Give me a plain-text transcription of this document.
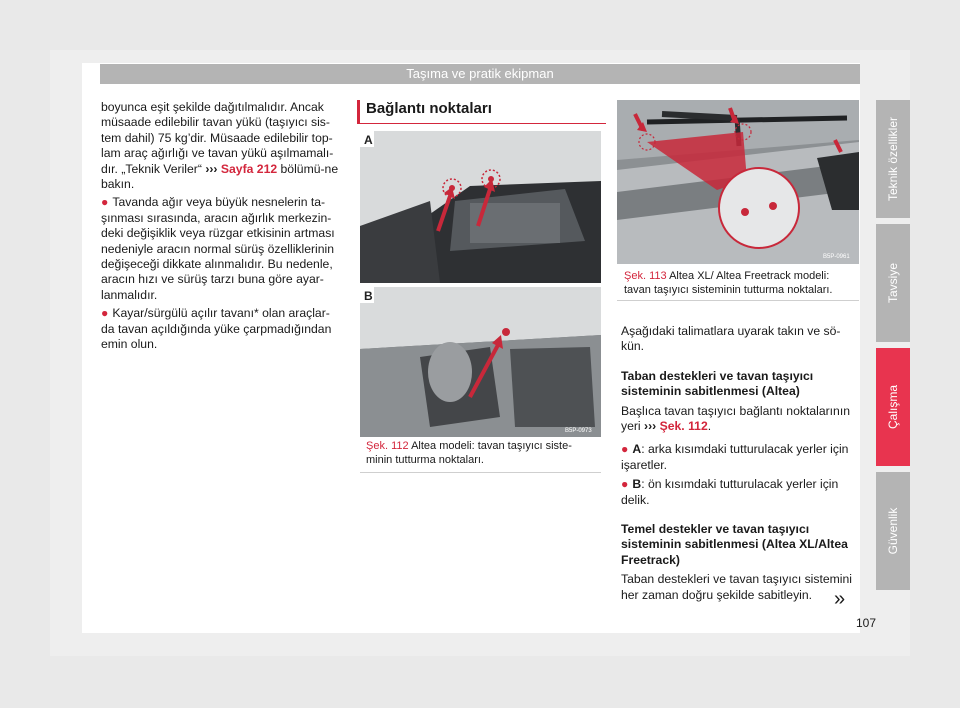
Taşıma ve pratik ekipman

boyunca eşit şekilde dağıtılmalıdır. Ancak müsaade edilebilir tavan yükü (taşıyıcı sis-tem dahil) 75 kg’dir. Müsaade edilebilir top-lam araç ağırlığı ve tavan yükü aşılmamalı-dır. „Teknik Veriler“ ››› Sayfa 212 bölümü-ne bakın.

● Tavanda ağır veya büyük nesnelerin ta-şınması sırasında, aracın ağırlık merkezin-deki değişiklik veya rüzgar etkisinin artması nedeniyle aracın normal sürüş özelliklerinin değişeceği dikkate alınmalıdır. Bu nedenle, aracın hızı ve sürüş tarzı buna göre ayar-lanmalıdır.

● Kayar/sürgülü açılır tavanı* olan araçlar-da tavan açıldığında yüke çarpmadığından emin olun.

Bağlantı noktaları
A
B
B5P-0973
Şek. 112 Altea modeli: tavan taşıyıcı siste-minin tutturma noktaları.
B5P-0961
Şek. 113 Altea XL/ Altea Freetrack modeli: tavan taşıyıcı sisteminin tutturma noktaları.

Aşağıdaki talimatlara uyarak takın ve sö-kün.

Taban destekleri ve tavan taşıyıcı sisteminin sabitlenmesi (Altea)

Başlıca tavan taşıyıcı bağlantı noktalarının yeri ››› Şek. 112.

● A: arka kısımdaki tutturulacak yerler için işaretler.

● B: ön kısımdaki tutturulacak yerler için delik.

Temel destekler ve tavan taşıyıcı sisteminin sabitlenmesi (Altea XL/Altea Freetrack)

Taban destekleri ve tavan taşıyıcı sistemini her zaman doğru şekilde sabitleyin.	»
Teknik özellikler
Tavsiye
Çalışma
Güvenlik
107
